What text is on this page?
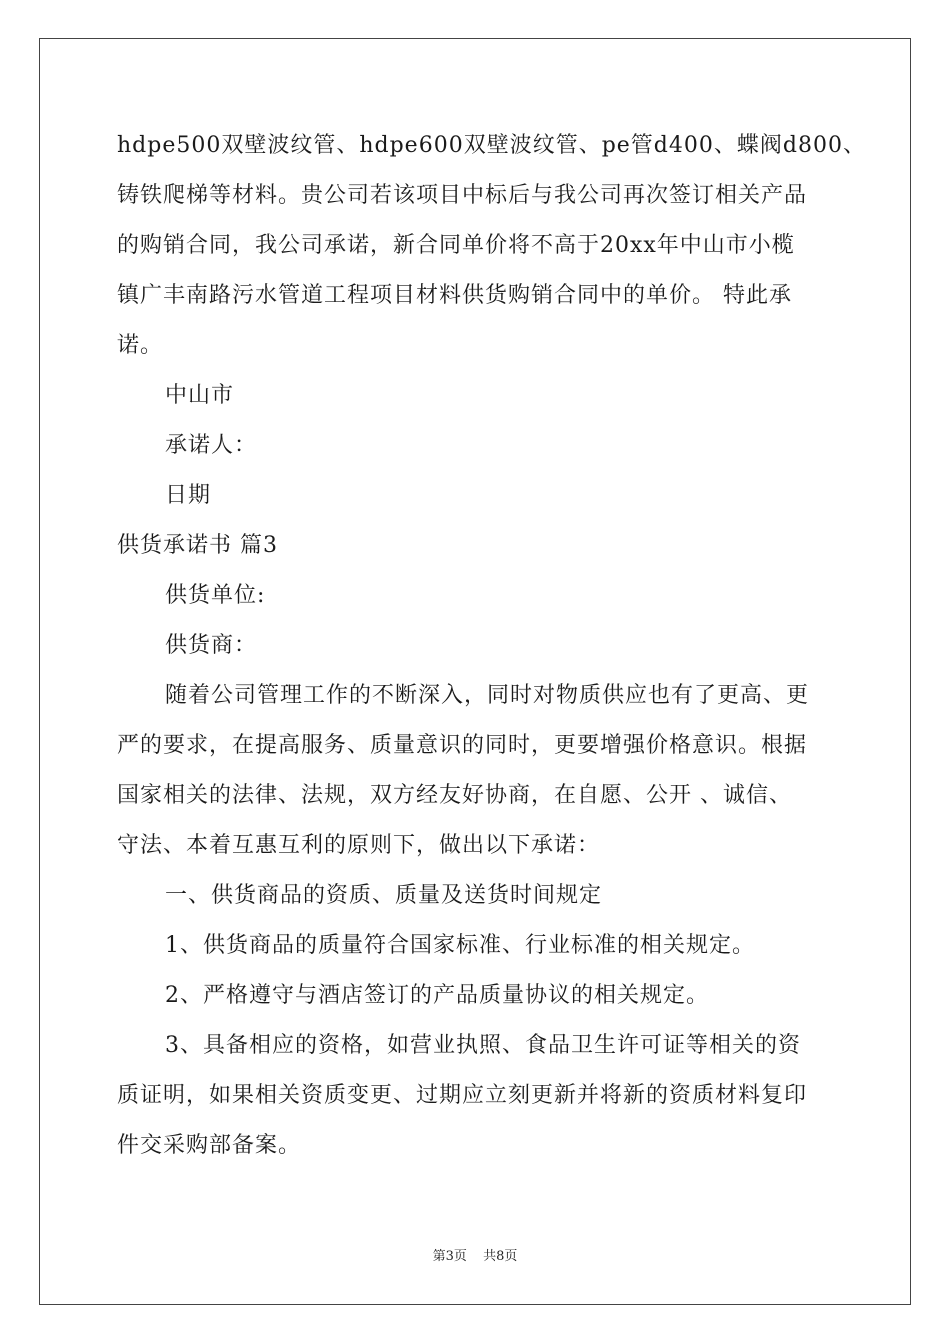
hdpe500双壁波纹管、hdpe600双壁波纹管、pe管d400、蝶阀d800、
铸铁爬梯等材料。贵公司若该项目中标后与我公司再次签订相关产品
的购销合同，我公司承诺，新合同单价将不高于20xx年中山市小榄
镇广丰南路污水管道工程项目材料供货购销合同中的单价。 特此承
诺。
中山市
承诺人：
日期
供货承诺书 篇3
供货单位:
供货商：
随着公司管理工作的不断深入，同时对物质供应也有了更高、更
严的要求，在提高服务、质量意识的同时，更要增强价格意识。根据
国家相关的法律、法规，双方经友好协商，在自愿、公开 、诚信、
守法、本着互惠互利的原则下，做出以下承诺：
一、供货商品的资质、质量及送货时间规定
1、供货商品的质量符合国家标准、行业标准的相关规定。
2、严格遵守与酒店签订的产品质量协议的相关规定。
3、具备相应的资格，如营业执照、食品卫生许可证等相关的资
质证明，如果相关资质变更、过期应立刻更新并将新的资质材料复印
件交采购部备案。
第3页 共8页
